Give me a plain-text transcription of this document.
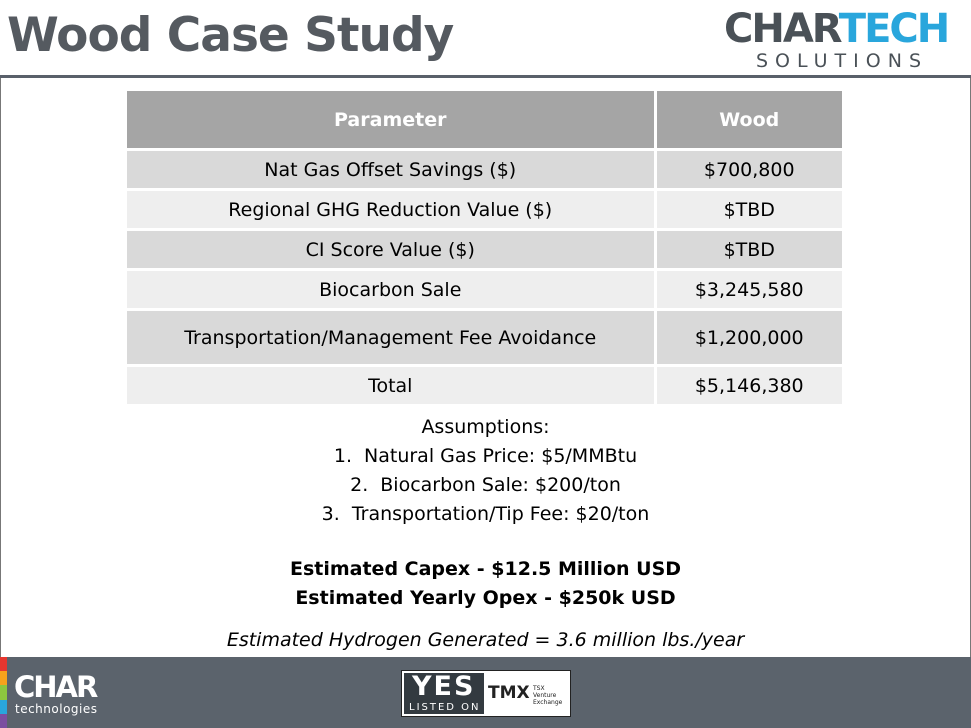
Wood Case Study	CHARTECH
SOLUTIONS
Parameter	Wood
Nat Gas Offset Savings ($)	$700,800
Regional GHG Reduction Value ($)	$TBD
CI Score Value ($)	$TBD
Biocarbon Sale	$3,245,580
Transportation/Management Fee Avoidance	$1,200,000
Total	$5,146,380
Assumptions:
1. Natural Gas Price: $5/MMBtu
2. Biocarbon Sale: $200/ton
3. Transportation/Tip Fee: $20/ton
Estimated Capex - $12.5 Million USD
Estimated Yearly Opex - $250k USD
Estimated Hydrogen Generated = 3.6 million lbs./year
CHAR
technologies
YES
LISTED ON
TMX TSX Venture Exchange
